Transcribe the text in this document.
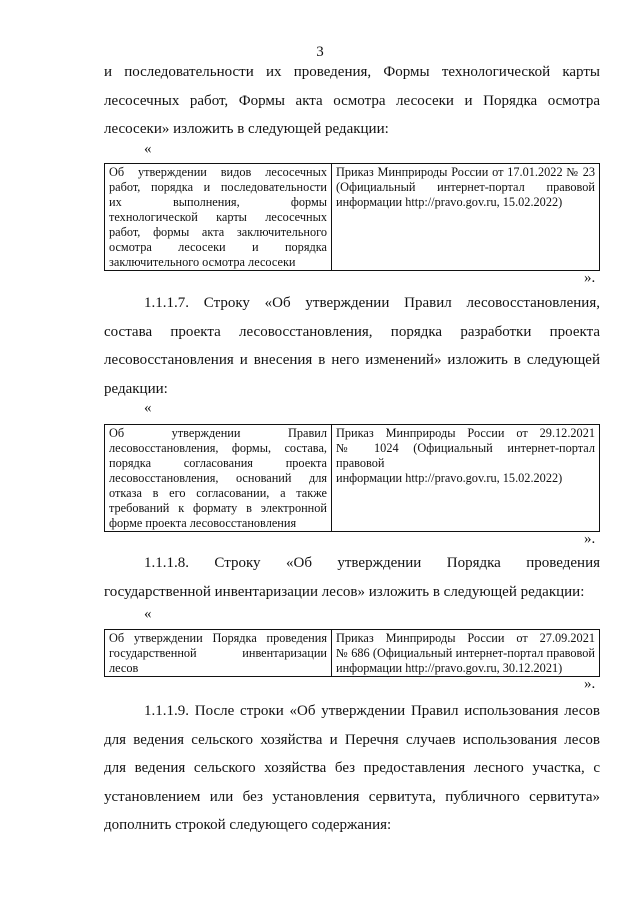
3
и последовательности их проведения, Формы технологической карты
лесосечных работ, Формы акта осмотра лесосеки и Порядка осмотра
лесосеки» изложить в следующей редакции:
«
Об утверждении видов лесосечных
работ, порядка и последовательности
их выполнения, формы
технологической карты лесосечных
работ, формы акта заключительного
осмотра лесосеки и порядка
заключительного осмотра лесосеки

Приказ Минприроды России от 17.01.2022 № 23
(Официальный интернет-портал правовой
информации http://pravo.gov.ru, 15.02.2022)
».
1.1.1.7. Строку «Об утверждении Правил лесовосстановления,
состава проекта лесовосстановления, порядка разработки проекта
лесовосстановления и внесения в него изменений» изложить в следующей
редакции:
«
Об утверждении Правил
лесовосстановления, формы, состава,
порядка согласования проекта
лесовосстановления, оснований для
отказа в его согласовании, а также
требований к формату в электронной
форме проекта лесовосстановления

Приказ Минприроды России от 29.12.2021
№ 1024 (Официальный интернет-портал правовой
информации http://pravo.gov.ru, 15.02.2022)
».
1.1.1.8. Строку «Об утверждении Порядка проведения
государственной инвентаризации лесов» изложить в следующей редакции:
«
Об утверждении Порядка проведения
государственной инвентаризации
лесов

Приказ Минприроды России от 27.09.2021
№ 686 (Официальный интернет-портал правовой
информации http://pravo.gov.ru, 30.12.2021)
».
1.1.1.9. После строки «Об утверждении Правил использования лесов
для ведения сельского хозяйства и Перечня случаев использования лесов
для ведения сельского хозяйства без предоставления лесного участка, с
установлением или без установления сервитута, публичного сервитута»
дополнить строкой следующего содержания:
